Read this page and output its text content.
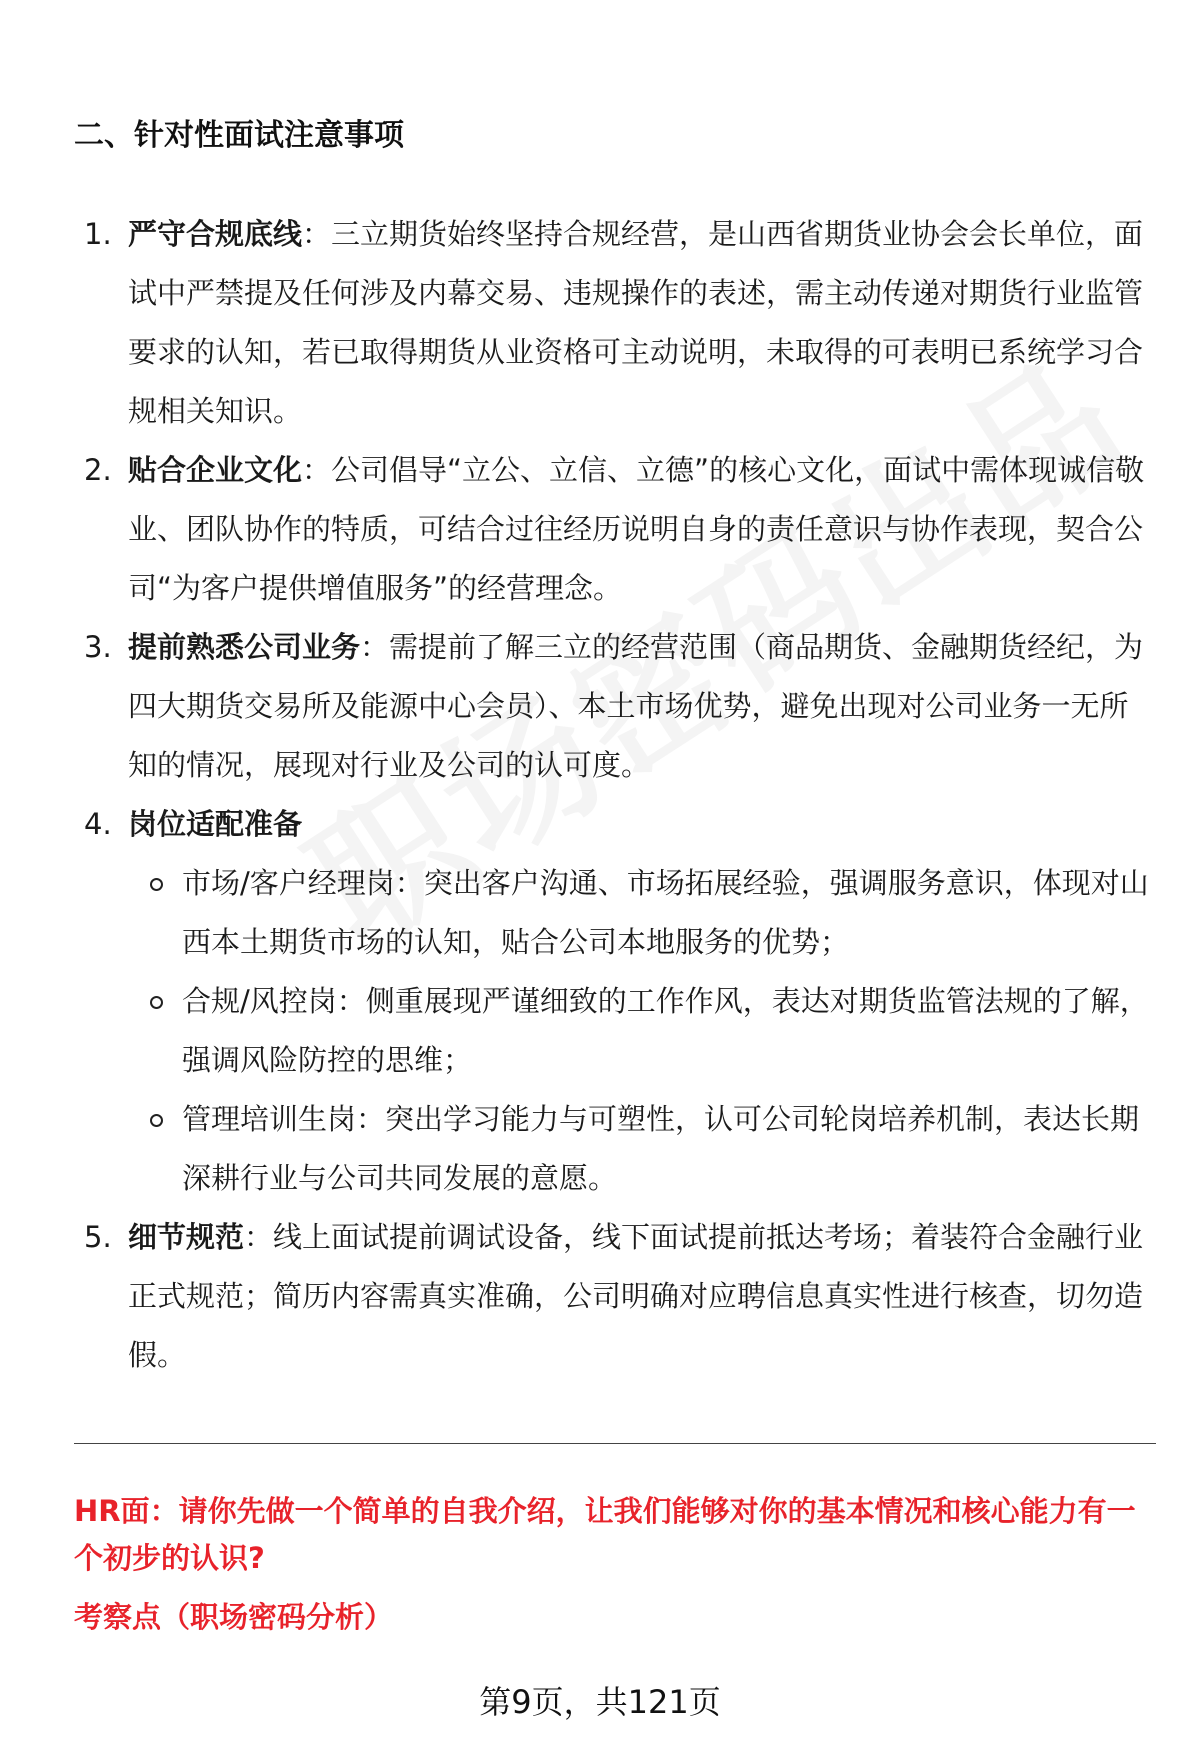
二、针对性面试注意事项
1. 严守合规底线：三立期货始终坚持合规经营，是山西省期货业协会会长单位，面试中严禁提及任何涉及内幕交易、违规操作的表述，需主动传递对期货行业监管要求的认知，若已取得期货从业资格可主动说明，未取得的可表明已系统学习合规相关知识。
2. 贴合企业文化：公司倡导“立公、立信、立德”的核心文化，面试中需体现诚信敬业、团队协作的特质，可结合过往经历说明自身的责任意识与协作表现，契合公司“为客户提供增值服务”的经营理念。
3. 提前熟悉公司业务：需提前了解三立的经营范围（商品期货、金融期货经纪，为四大期货交易所及能源中心会员）、本土市场优势，避免出现对公司业务一无所知的情况，展现对行业及公司的认可度。
4. 岗位适配准备
市场/客户经理岗：突出客户沟通、市场拓展经验，强调服务意识，体现对山西本土期货市场的认知，贴合公司本地服务的优势；
合规/风控岗：侧重展现严谨细致的工作作风，表达对期货监管法规的了解，强调风险防控的思维；
管理培训生岗：突出学习能力与可塑性，认可公司轮岗培养机制，表达长期深耕行业与公司共同发展的意愿。
5. 细节规范：线上面试提前调试设备，线下面试提前抵达考场；着装符合金融行业正式规范；简历内容需真实准确，公司明确对应聘信息真实性进行核查，切勿造假。

HR面：请你先做一个简单的自我介绍，让我们能够对你的基本情况和核心能力有一个初步的认识?

考察点（职场密码分析）

第9页，共121页
